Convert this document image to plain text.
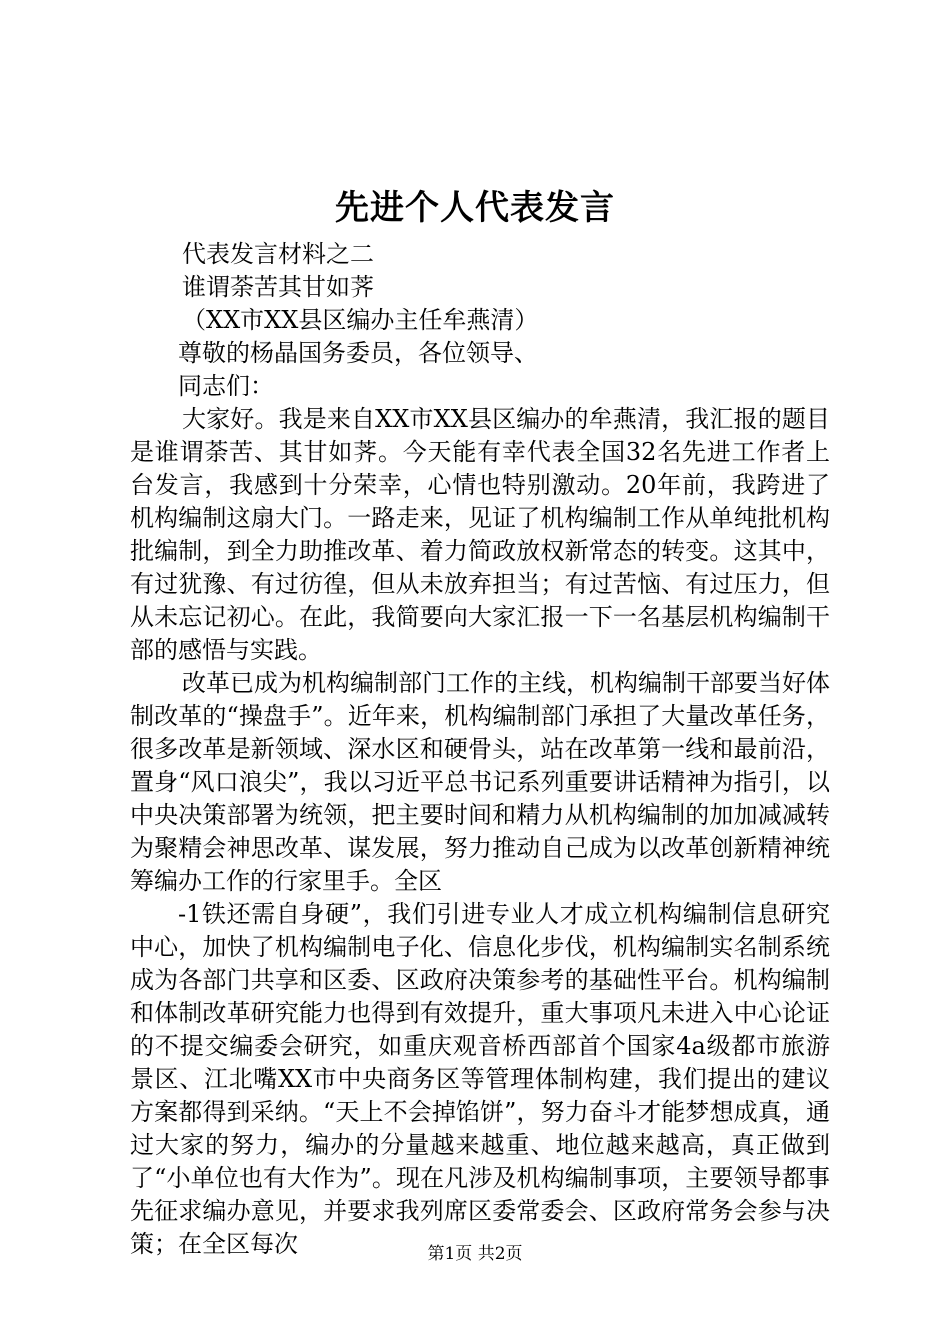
先进个人代表发言
代表发言材料之二
谁谓荼苦其甘如荠
（XX市XX县区编办主任牟燕清）
尊敬的杨晶国务委员，各位领导、
同志们：

大家好。我是来自XX市XX县区编办的牟燕清，我汇报的题目是谁谓荼苦、其甘如荠。今天能有幸代表全国32名先进工作者上台发言，我感到十分荣幸，心情也特别激动。20年前，我跨进了机构编制这扇大门。一路走来，见证了机构编制工作从单纯批机构批编制，到全力助推改革、着力简政放权新常态的转变。这其中，有过犹豫、有过彷徨，但从未放弃担当；有过苦恼、有过压力，但从未忘记初心。在此，我简要向大家汇报一下一名基层机构编制干部的感悟与实践。

改革已成为机构编制部门工作的主线，机构编制干部要当好体制改革的“操盘手”。近年来，机构编制部门承担了大量改革任务，很多改革是新领域、深水区和硬骨头，站在改革第一线和最前沿，置身“风口浪尖”，我以习近平总书记系列重要讲话精神为指引，以中央决策部署为统领，把主要时间和精力从机构编制的加加减减转为聚精会神思改革、谋发展，努力推动自己成为以改革创新精神统筹编办工作的行家里手。全区

-1铁还需自身硬”，我们引进专业人才成立机构编制信息研究中心，加快了机构编制电子化、信息化步伐，机构编制实名制系统成为各部门共享和区委、区政府决策参考的基础性平台。机构编制和体制改革研究能力也得到有效提升，重大事项凡未进入中心论证的不提交编委会研究，如重庆观音桥西部首个国家4a级都市旅游景区、江北嘴XX市中央商务区等管理体制构建，我们提出的建议方案都得到采纳。“天上不会掉馅饼”，努力奋斗才能梦想成真，通过大家的努力，编办的分量越来越重、地位越来越高，真正做到了“小单位也有大作为”。现在凡涉及机构编制事项，主要领导都事先征求编办意见，并要求我列席区委常委会、区政府常务会参与决策；在全区每次	第1页 共2页
